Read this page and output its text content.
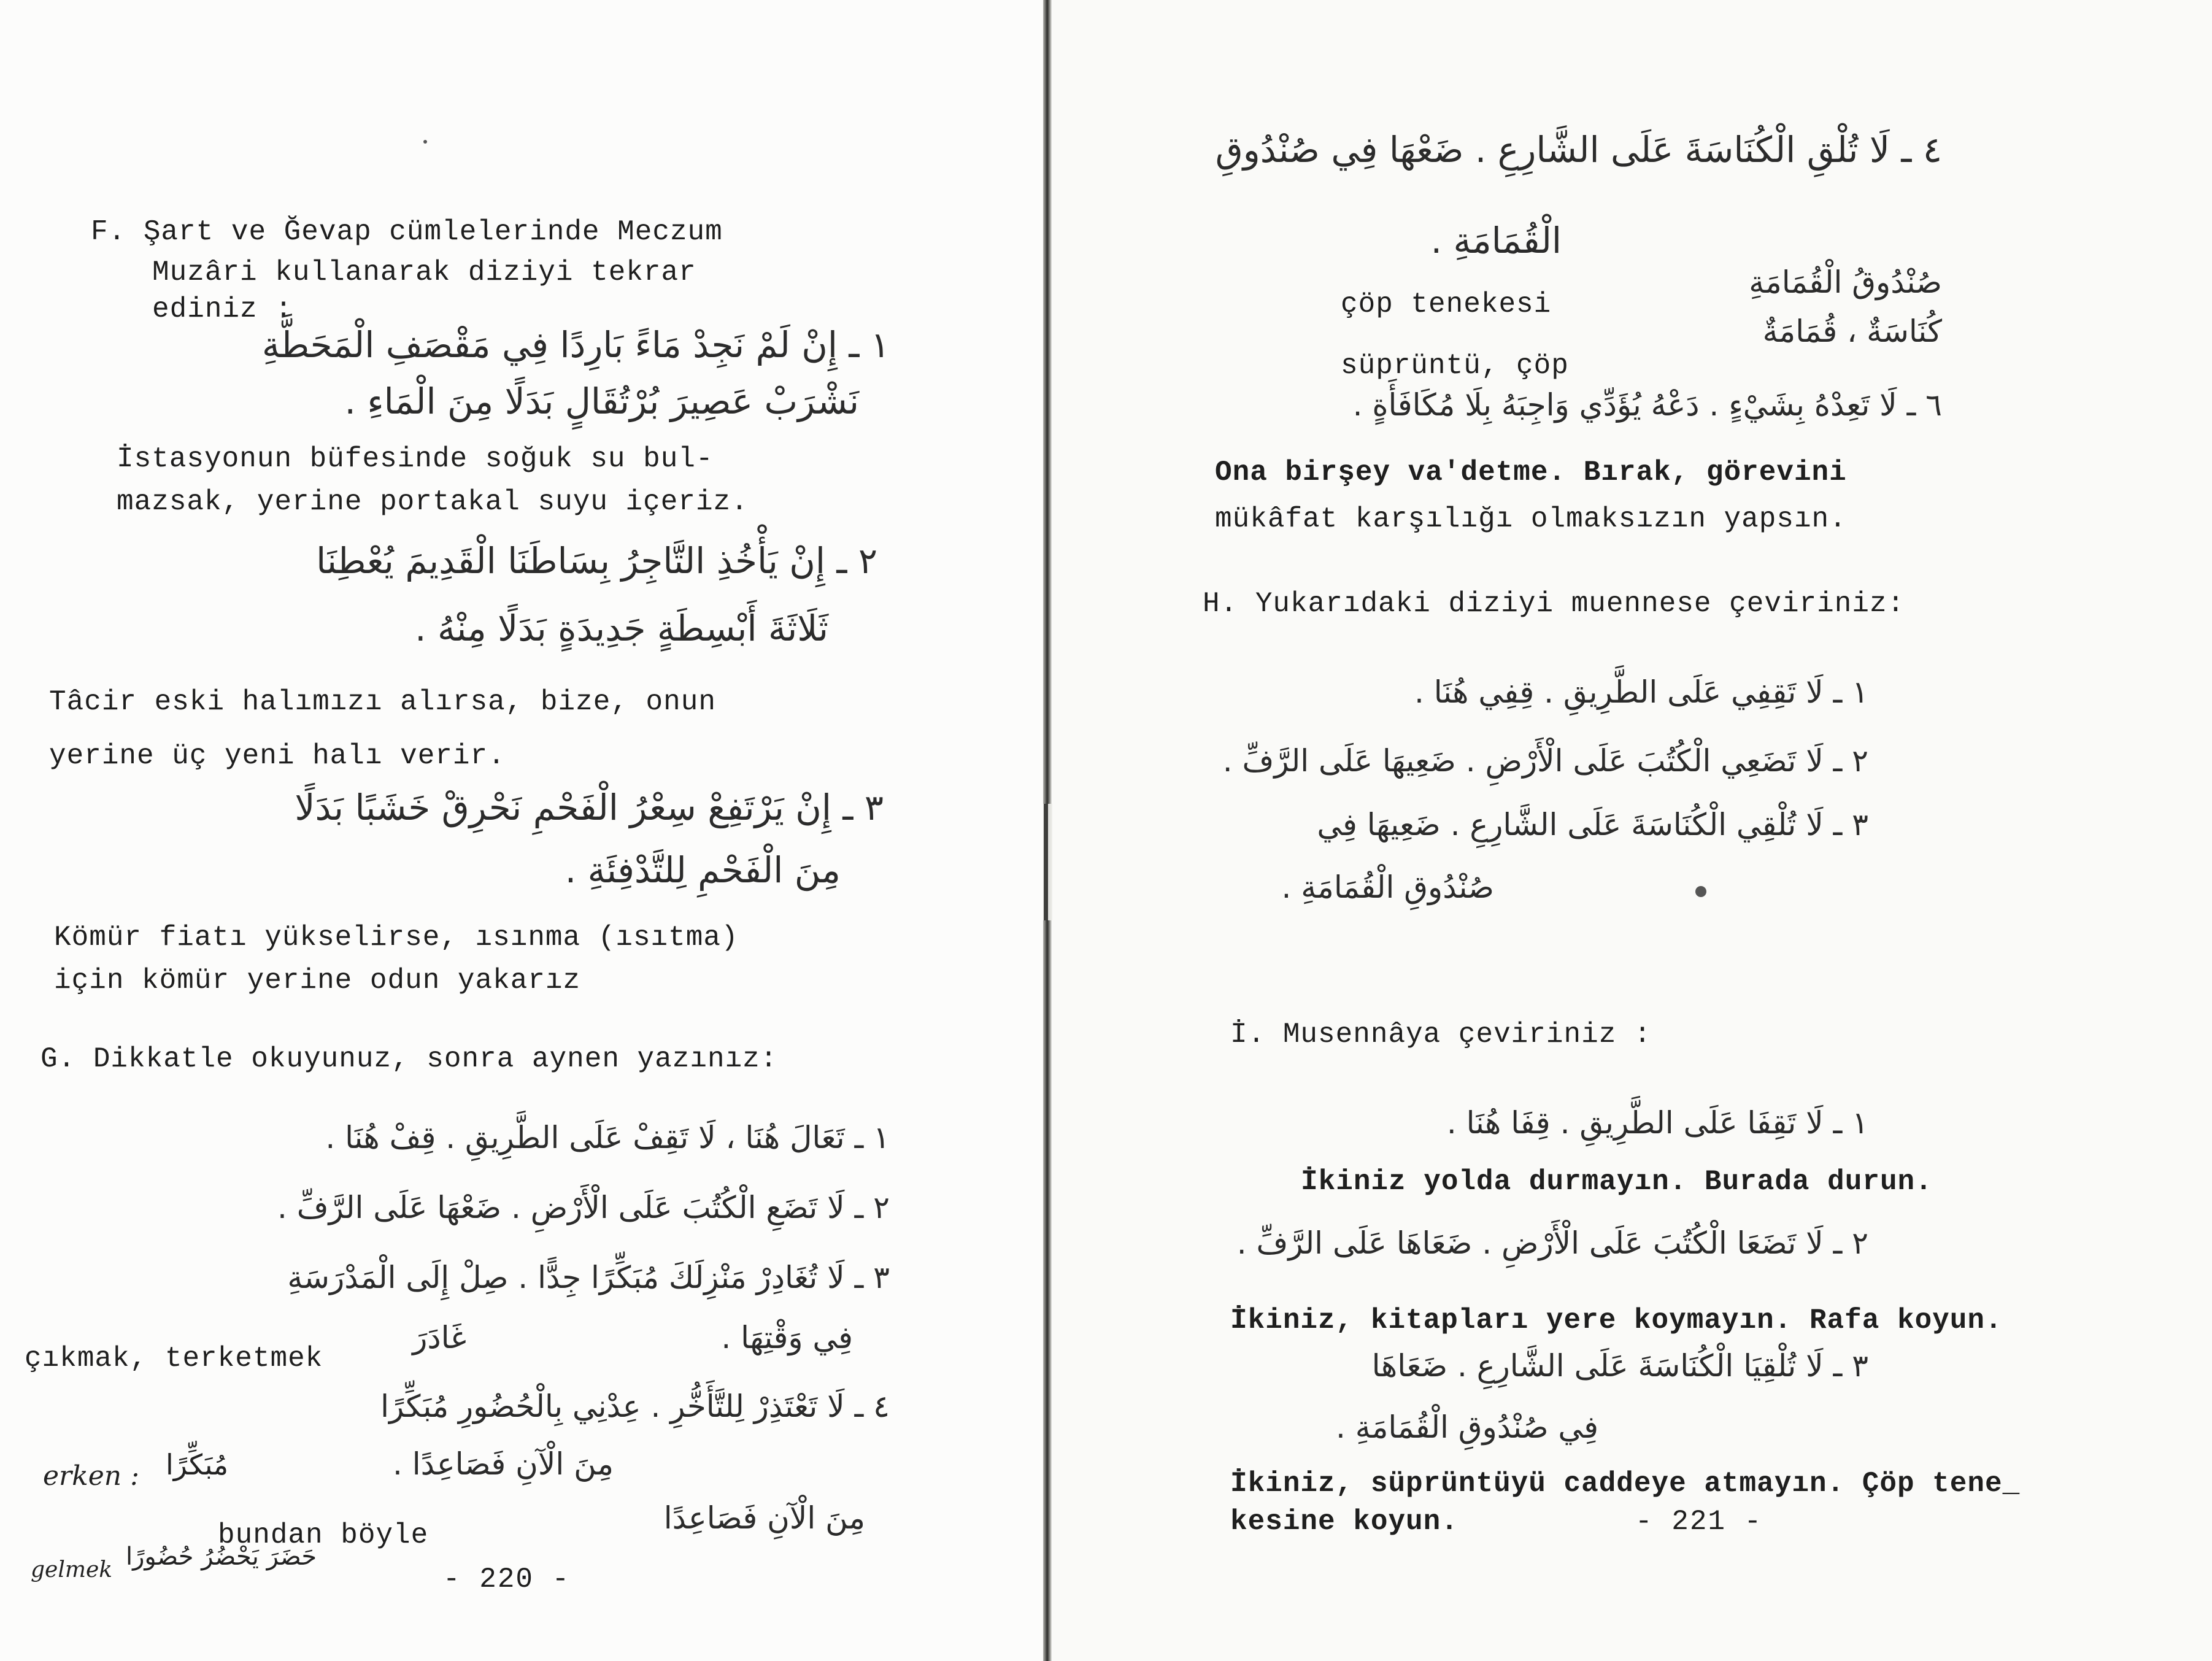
F. Şart ve Ğevap cümlelerinde Meczum
Muzâri kullanarak diziyi tekrar
ediniz :
١ ـ إِنْ لَمْ نَجِدْ مَاءً بَارِدًا فِي مَقْصَفِ الْمَحَطَّةِ
نَشْرَبْ عَصِيرَ بُرْتُقَالٍ بَدَلًا مِنَ الْمَاءِ .
İstasyonun büfesinde soğuk su bul-
mazsak, yerine portakal suyu içeriz.
٢ ـ إِنْ يَأْخُذِ التَّاجِرُ بِسَاطَنَا الْقَدِيمَ يُعْطِنَا
ثَلَاثَةَ أَبْسِطَةٍ جَدِيدَةٍ بَدَلًا مِنْهُ .
Tâcir eski halımızı alırsa, bize, onun
yerine üç yeni halı verir.
٣ ـ إِنْ يَرْتَفِعْ سِعْرُ الْفَحْمِ نَحْرِقْ خَشَبًا بَدَلًا
مِنَ الْفَحْمِ لِلتَّدْفِئَةِ .
Kömür fiatı yükselirse, ısınma (ısıtma)
için kömür yerine odun yakarız
G. Dikkatle okuyunuz, sonra aynen yazınız:
١ ـ تَعَالَ هُنَا ، لَا تَقِفْ عَلَى الطَّرِيقِ . قِفْ هُنَا .
٢ ـ لَا تَضَعِ الْكُتُبَ عَلَى الْأَرْضِ . ضَعْهَا عَلَى الرَّفِّ .
٣ ـ لَا تُغَادِرْ مَنْزِلَكَ مُبَكِّرًا جِدًّا . صِلْ إِلَى الْمَدْرَسَةِ
فِي وَقْتِهَا .
غَادَرَ
çıkmak, terketmek
٤ ـ لَا تَعْتَذِرْ لِلتَّأَخُّرِ . عِدْنِي بِالْحُضُورِ مُبَكِّرًا
مِنَ الْآنِ فَصَاعِدًا .
erken : مُبَكِّرًا
مِنَ الْآنِ فَصَاعِدًا
bundan böyle
gelmek حَضَرَ يَحْضُرُ حُضُورًا
- 220 -
٤ ـ لَا تُلْقِ الْكُنَاسَةَ عَلَى الشَّارِعِ . ضَعْهَا فِي صُنْدُوقِ
الْقُمَامَةِ .
صُنْدُوقُ الْقُمَامَةِ
çöp tenekesi
كُنَاسَةٌ ، قُمَامَةٌ
süprüntü, çöp
٦ ـ لَا تَعِدْهُ بِشَيْءٍ . دَعْهُ يُؤَدِّي وَاجِبَهُ بِلَا مُكَافَأَةٍ .
Ona birşey va'detme. Bırak, görevini
mükâfat karşılığı olmaksızın yapsın.
H. Yukarıdaki diziyi muennese çeviriniz:
١ ـ لَا تَقِفِي عَلَى الطَّرِيقِ . قِفِي هُنَا .
٢ ـ لَا تَضَعِي الْكُتُبَ عَلَى الْأَرْضِ . ضَعِيهَا عَلَى الرَّفِّ .
٣ ـ لَا تُلْقِي الْكُنَاسَةَ عَلَى الشَّارِعِ . ضَعِيهَا فِي
صُنْدُوقِ الْقُمَامَةِ .
İ. Musennâya çeviriniz :
١ ـ لَا تَقِفَا عَلَى الطَّرِيقِ . قِفَا هُنَا .
İkiniz yolda durmayın. Burada durun.
٢ ـ لَا تَضَعَا الْكُتُبَ عَلَى الْأَرْضِ . ضَعَاهَا عَلَى الرَّفِّ .
İkiniz, kitapları yere koymayın. Rafa koyun.
٣ ـ لَا تُلْقِيَا الْكُنَاسَةَ عَلَى الشَّارِعِ . ضَعَاهَا
فِي صُنْدُوقِ الْقُمَامَةِ .
İkiniz, süprüntüyü caddeye atmayın. Çöp tene_
kesine koyun.	- 221 -
